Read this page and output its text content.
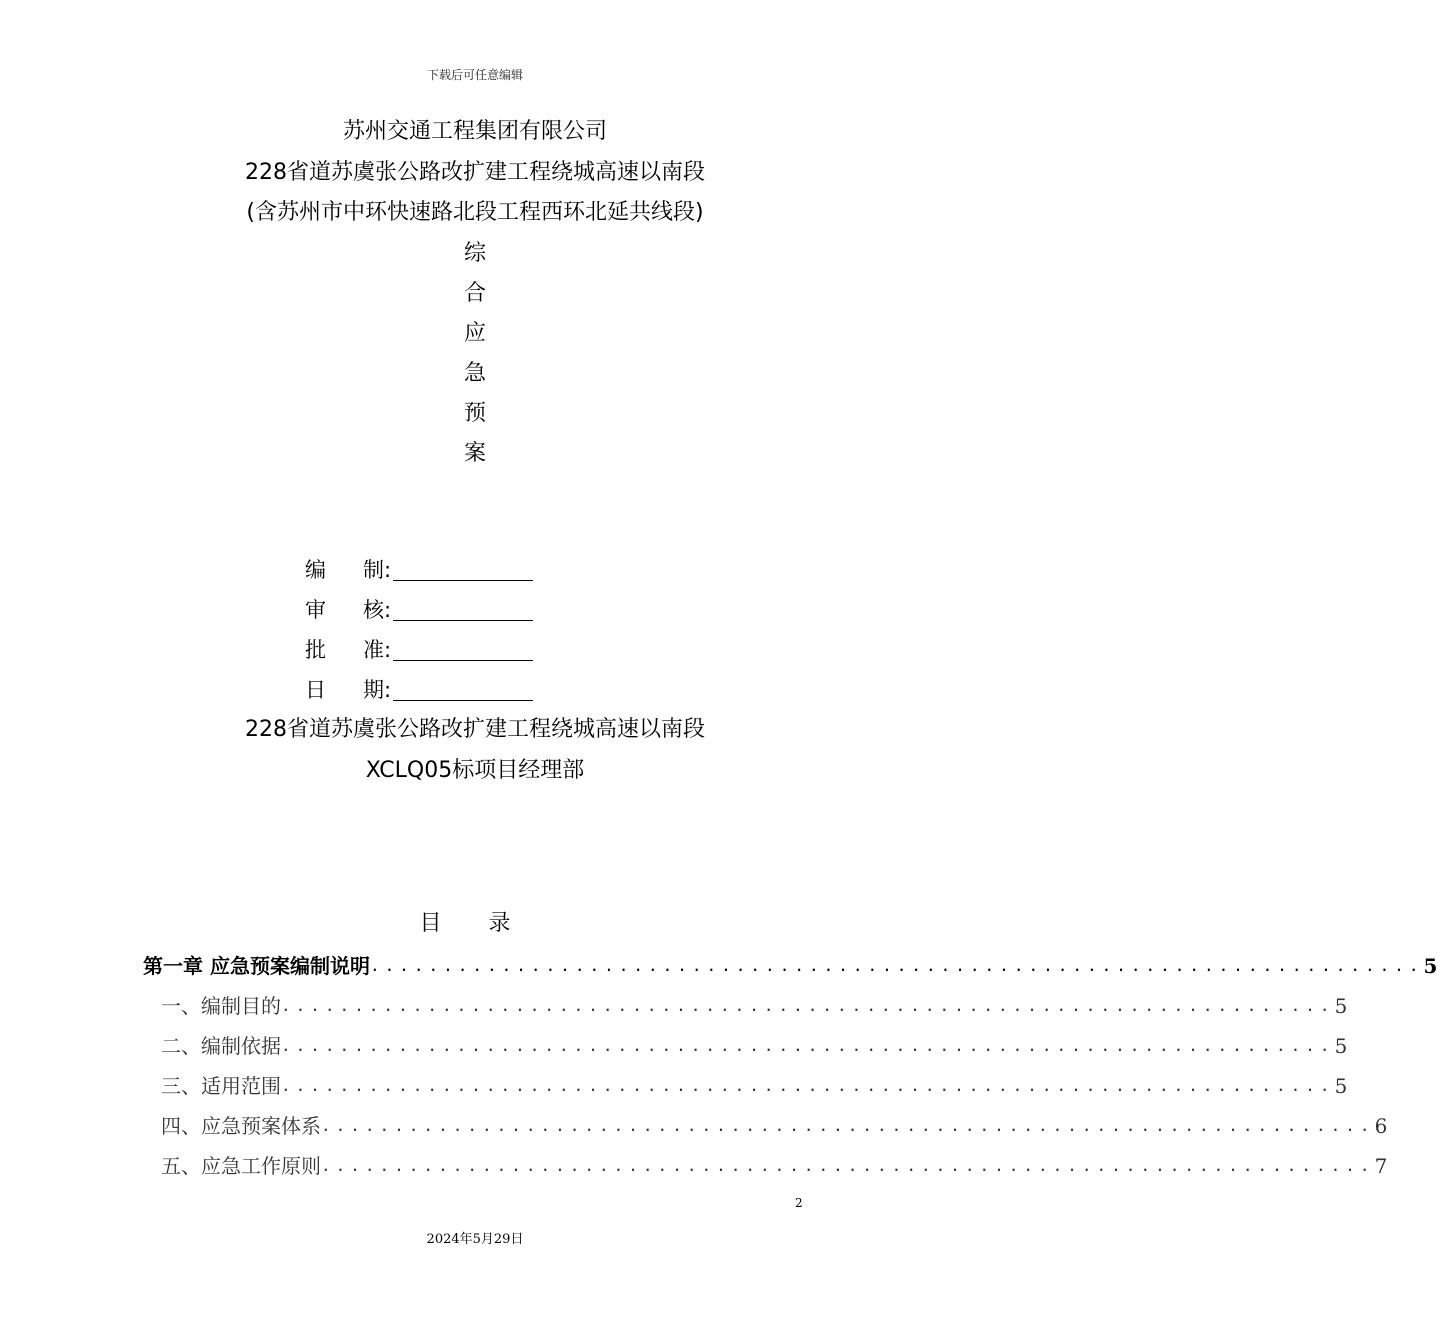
下载后可任意编辑
苏州交通工程集团有限公司
228省道苏虞张公路改扩建工程绕城高速以南段
(含苏州市中环快速路北段工程西环北延共线段)
综
合
应
急
预
案
编 制:
审 核:
批 准:
日 期:
228省道苏虞张公路改扩建工程绕城高速以南段
XCLQ05标项目经理部
目 录
第一章 应急预案编制说明 ........................................................................ 5
一、编制目的 ........................................................................ 5
二、编制依据 ........................................................................ 5
三、适用范围 ........................................................................ 5
四、应急预案体系 ........................................................................ 6
五、应急工作原则 ........................................................................ 7
2
2024年5月29日
